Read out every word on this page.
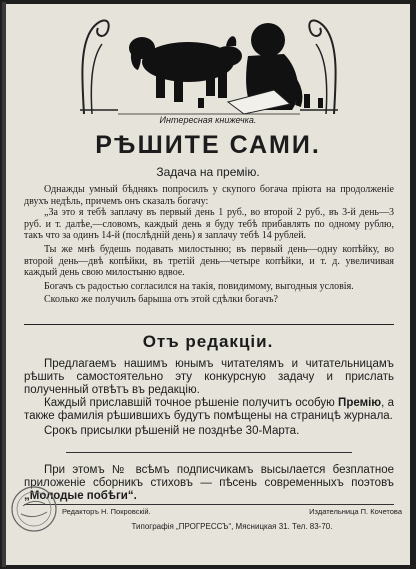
Интересная книжечка.
РѢШИТЕ САМИ.
Задача на премію.

Однажды умный бѣднякъ попросилъ у скупого богача пріюта на продолженіе двухъ недѣль, причемъ онъ сказалъ богачу:

„За это я тебѣ заплачу въ первый день 1 руб., во второй 2 руб., въ 3-й день—3 руб. и т. далѣе,—словомъ, каждый день я буду тебѣ прибавлять по одному рублю, такъ что за одинъ 14-й (послѣдній день) я заплачу тебѣ 14 рублей.

Ты же мнѣ будешь подавать милостыню; въ первый день—одну копѣйку, во второй день—двѣ копѣйки, въ третій день—четыре копѣйки, и т. д. увеличивая каждый день свою милостыню вдвое.

Богачъ съ радостью согласился на такія, повидимому, выгодныя условія.

Сколько же получилъ барыша отъ этой сдѣлки богачъ?

Отъ редакціи.

Предлагаемъ нашимъ юнымъ читателямъ и читательницамъ рѣшить самостоятельно эту конкурсную задачу и прислать полученный отвѣтъ въ редакцію.

Каждый приславшій точное рѣшеніе получитъ особую Премію, а также фамилія рѣшившихъ будутъ помѣщены на страницѣ журнала.

Срокъ присылки рѣшеній не позднѣе 30-Марта.

При этомъ № всѣмъ подписчикамъ высылается безплатное приложеніе сборникъ стиховъ — пѣсень современныхъ поэтовъ „Молодые побѣги“.

Редакторъ Н. Покровскій.	Издательница П. Кочетова
Типографія „ПРОГРЕССЪ“, Мясницкая 31. Тел. 83-70.
